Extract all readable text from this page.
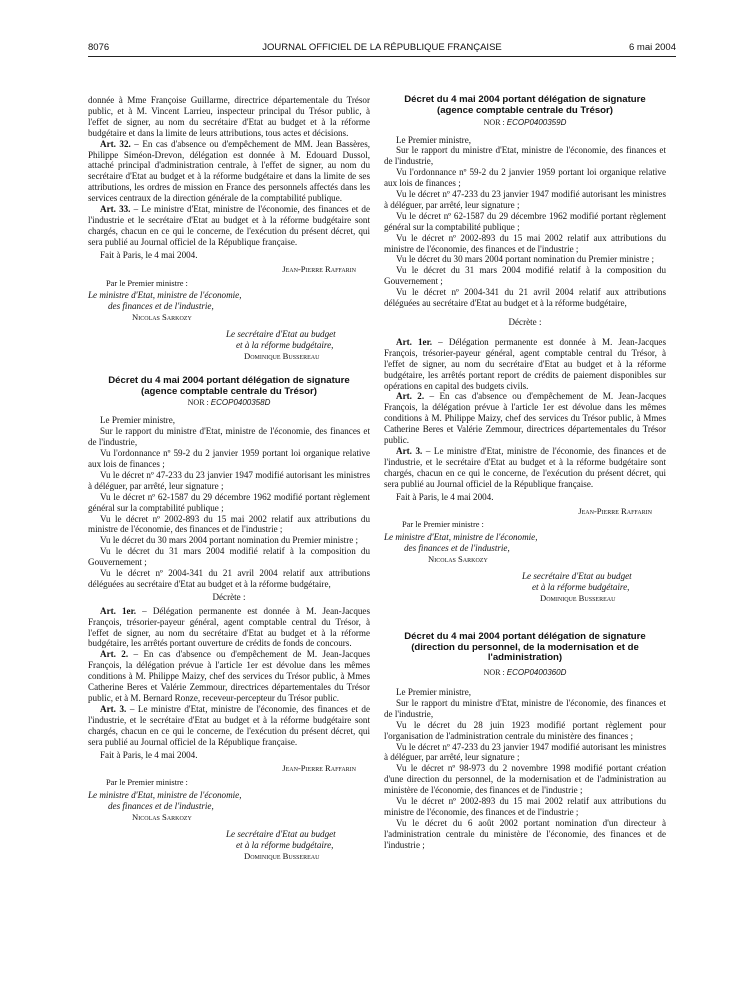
8076	JOURNAL OFFICIEL DE LA RÉPUBLIQUE FRANÇAISE	6 mai 2004

donnée à Mme Françoise Guillarme, directrice départementale du Trésor public, et à M. Vincent Larrieu, inspecteur principal du Trésor public, à l'effet de signer, au nom du secrétaire d'Etat au budget et à la réforme budgétaire et dans la limite de leurs attributions, tous actes et décisions.

Art. 32. – En cas d'absence ou d'empêchement de MM. Jean Bassères, Philippe Siméon-Drevon, délégation est donnée à M. Edouard Dussol, attaché principal d'administration centrale, à l'effet de signer, au nom du secrétaire d'Etat au budget et à la réforme budgétaire et dans la limite de ses attributions, les ordres de mission en France des personnels affectés dans les services centraux de la direction générale de la comptabilité publique.

Art. 33. – Le ministre d'Etat, ministre de l'économie, des finances et de l'industrie et le secrétaire d'Etat au budget et à la réforme budgétaire sont chargés, chacun en ce qui le concerne, de l'exécution du présent décret, qui sera publié au Journal officiel de la République française.

Fait à Paris, le 4 mai 2004.

Jean-Pierre Raffarin
Par le Premier ministre :
Le ministre d'Etat, ministre de l'économie,
des finances et de l'industrie,
Nicolas Sarkozy
Le secrétaire d'Etat au budget
et à la réforme budgétaire,
Dominique Bussereau
Décret du 4 mai 2004 portant délégation de signature
(agence comptable centrale du Trésor)
NOR : ECOP0400358D

Le Premier ministre,

Sur le rapport du ministre d'Etat, ministre de l'économie, des finances et de l'industrie,

Vu l'ordonnance nº 59-2 du 2 janvier 1959 portant loi organique relative aux lois de finances ;

Vu le décret nº 47-233 du 23 janvier 1947 modifié autorisant les ministres à déléguer, par arrêté, leur signature ;

Vu le décret nº 62-1587 du 29 décembre 1962 modifié portant règlement général sur la comptabilité publique ;

Vu le décret nº 2002-893 du 15 mai 2002 relatif aux attributions du ministre de l'économie, des finances et de l'industrie ;

Vu le décret du 30 mars 2004 portant nomination du Premier ministre ;

Vu le décret du 31 mars 2004 modifié relatif à la composition du Gouvernement ;

Vu le décret nº 2004-341 du 21 avril 2004 relatif aux attributions déléguées au secrétaire d'Etat au budget et à la réforme budgétaire,

Décrète :

Art. 1er. – Délégation permanente est donnée à M. Jean-Jacques François, trésorier-payeur général, agent comptable central du Trésor, à l'effet de signer, au nom du secrétaire d'Etat au budget et à la réforme budgétaire, les arrêtés portant ouverture de crédits de fonds de concours.

Art. 2. – En cas d'absence ou d'empêchement de M. Jean-Jacques François, la délégation prévue à l'article 1er est dévolue dans les mêmes conditions à M. Philippe Maizy, chef des services du Trésor public, à Mmes Catherine Beres et Valérie Zemmour, directrices départementales du Trésor public, et à M. Bernard Ronze, receveur-percepteur du Trésor public.

Art. 3. – Le ministre d'Etat, ministre de l'économie, des finances et de l'industrie, et le secrétaire d'Etat au budget et à la réforme budgétaire sont chargés, chacun en ce qui le concerne, de l'exécution du présent décret, qui sera publié au Journal officiel de la République française.

Fait à Paris, le 4 mai 2004.

Jean-Pierre Raffarin
Par le Premier ministre :
Le ministre d'Etat, ministre de l'économie,
des finances et de l'industrie,
Nicolas Sarkozy
Le secrétaire d'Etat au budget
et à la réforme budgétaire,
Dominique Bussereau
Décret du 4 mai 2004 portant délégation de signature
(agence comptable centrale du Trésor)
NOR : ECOP0400359D

Le Premier ministre,

Sur le rapport du ministre d'Etat, ministre de l'économie, des finances et de l'industrie,

Vu l'ordonnance nº 59-2 du 2 janvier 1959 portant loi organique relative aux lois de finances ;

Vu le décret nº 47-233 du 23 janvier 1947 modifié autorisant les ministres à déléguer, par arrêté, leur signature ;

Vu le décret nº 62-1587 du 29 décembre 1962 modifié portant règlement général sur la comptabilité publique ;

Vu le décret nº 2002-893 du 15 mai 2002 relatif aux attributions du ministre de l'économie, des finances et de l'industrie ;

Vu le décret du 30 mars 2004 portant nomination du Premier ministre ;

Vu le décret du 31 mars 2004 modifié relatif à la composition du Gouvernement ;

Vu le décret nº 2004-341 du 21 avril 2004 relatif aux attributions déléguées au secrétaire d'Etat au budget et à la réforme budgétaire,

Décrète :

Art. 1er. – Délégation permanente est donnée à M. Jean-Jacques François, trésorier-payeur général, agent comptable central du Trésor, à l'effet de signer, au nom du secrétaire d'Etat au budget et à la réforme budgétaire, les arrêtés portant report de crédits de paiement disponibles sur opérations en capital des budgets civils.

Art. 2. – En cas d'absence ou d'empêchement de M. Jean-Jacques François, la délégation prévue à l'article 1er est dévolue dans les mêmes conditions à M. Philippe Maizy, chef des services du Trésor public, à Mmes Catherine Beres et Valérie Zemmour, directrices départementales du Trésor public.

Art. 3. – Le ministre d'Etat, ministre de l'économie, des finances et de l'industrie, et le secrétaire d'Etat au budget et à la réforme budgétaire sont chargés, chacun en ce qui le concerne, de l'exécution du présent décret, qui sera publié au Journal officiel de la République française.

Fait à Paris, le 4 mai 2004.

Jean-Pierre Raffarin
Par le Premier ministre :
Le ministre d'Etat, ministre de l'économie,
des finances et de l'industrie,
Nicolas Sarkozy
Le secrétaire d'Etat au budget
et à la réforme budgétaire,
Dominique Bussereau
Décret du 4 mai 2004 portant délégation de signature
(direction du personnel, de la modernisation et de
l'administration)
NOR : ECOP0400360D

Le Premier ministre,

Sur le rapport du ministre d'Etat, ministre de l'économie, des finances et de l'industrie,

Vu le décret du 28 juin 1923 modifié portant règlement pour l'organisation de l'administration centrale du ministère des finances ;

Vu le décret nº 47-233 du 23 janvier 1947 modifié autorisant les ministres à déléguer, par arrêté, leur signature ;

Vu le décret nº 98-973 du 2 novembre 1998 modifié portant création d'une direction du personnel, de la modernisation et de l'administration au ministère de l'économie, des finances et de l'industrie ;

Vu le décret nº 2002-893 du 15 mai 2002 relatif aux attributions du ministre de l'économie, des finances et de l'industrie ;

Vu le décret du 6 août 2002 portant nomination d'un directeur à l'administration centrale du ministère de l'économie, des finances et de l'industrie ;
